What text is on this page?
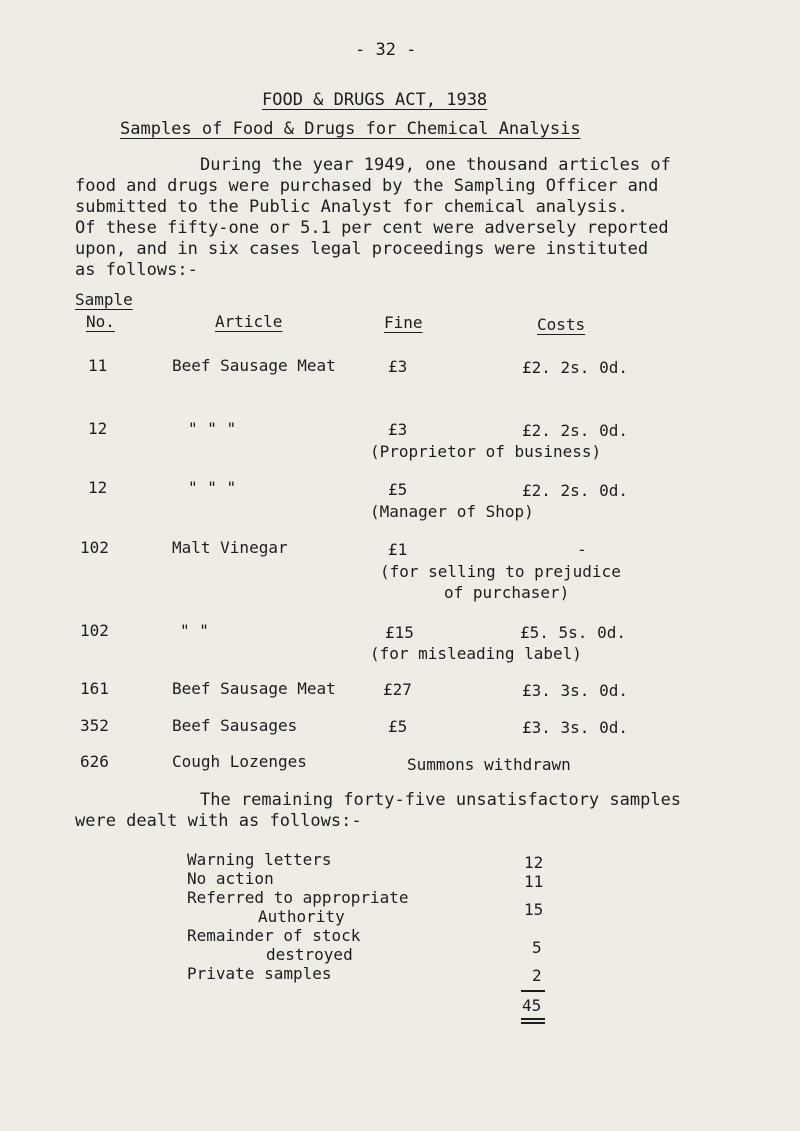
- 32 -
FOOD & DRUGS ACT, 1938
Samples of Food & Drugs for Chemical Analysis
During the year 1949, one thousand articles of
food and drugs were purchased by the Sampling Officer and
submitted to the Public Analyst for chemical analysis.
Of these fifty-one or 5.1 per cent were adversely reported
upon, and in six cases legal proceedings were instituted
as follows:-
Sample
No.	Article	Fine	Costs
11	Beef Sausage Meat	£3	£2. 2s. 0d.
12	" " "	£3	£2. 2s. 0d.
(Proprietor of business)
12	" " "	£5	£2. 2s. 0d.
(Manager of Shop)
102	Malt Vinegar	£1	-
(for selling to prejudice
of purchaser)
102	" "	£15	£5. 5s. 0d.
(for misleading label)
161	Beef Sausage Meat	£27	£3. 3s. 0d.
352	Beef Sausages	£5	£3. 3s. 0d.
626	Cough Lozenges	Summons withdrawn
The remaining forty-five unsatisfactory samples
were dealt with as follows:-
Warning letters	12
No action	11
Referred to appropriate
Authority	15
Remainder of stock
destroyed	5
Private samples	2
45
